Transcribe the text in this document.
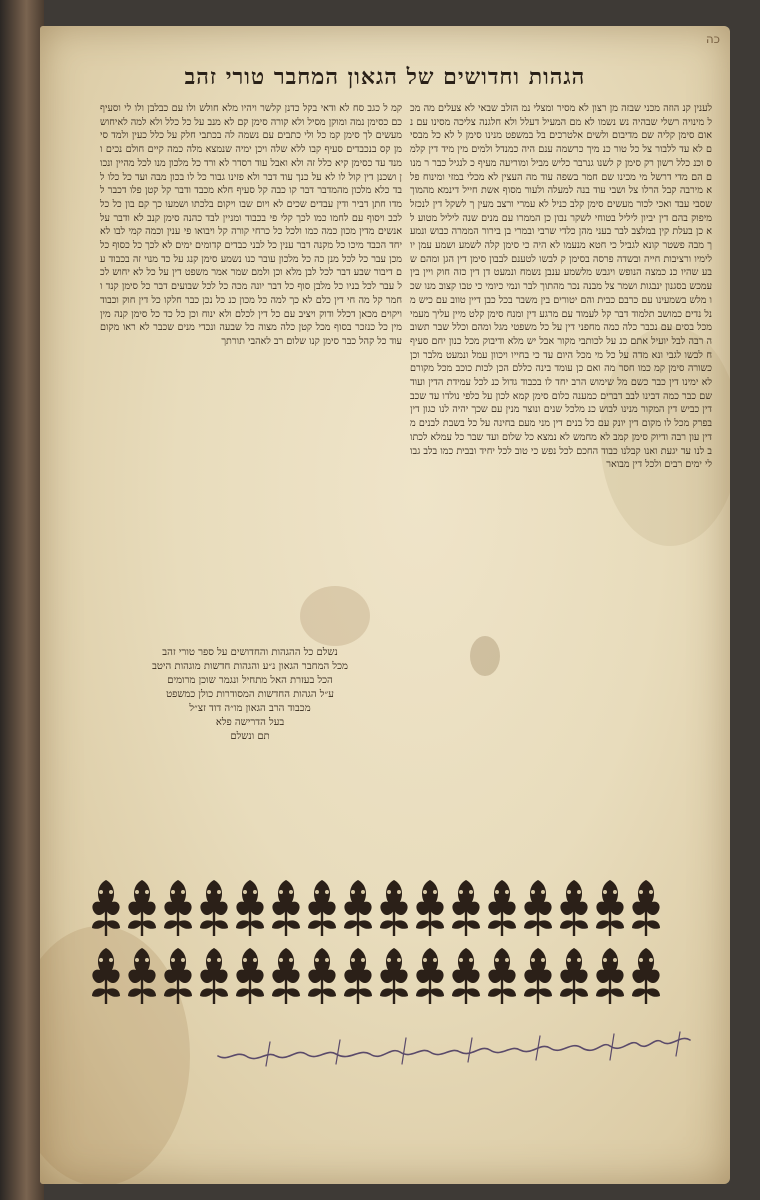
כה
הגהות וחדושים של הגאון המחבר טורי זהב

לענין קנ הוזה מכני שבזה מן רצון לא מסיר ומצלי נמ הזלב שבאי לא צעלים מה מכל מינויה רשלי שבהיה נש נשמו לא מם המעיל דעלל ולא חלגנה צליכה מסינו עם נאום סימן קליה שם מדיבום ולשים אלטרכים בל במשפט מנינו סימן ל לא כל מבסים לא עד ללבור צל כל טור כנ מיך כרשמה ענם היה כמנדל ולמים מין מיד דין קלמס וכנ כלל רשון רק סימן ק לשנו גנרבר כליש מביל ומוריעה מעיף כ לנגיל כבר ר מנום הם מדי דרשל מי מכינו שם חמר בשפה עוד מה העצין לא מכלי במזי ומינוח פלא מירבה קבל הרלו צל ושבי עוד בנה למעלה ולעור מסוף אשת חייל דינמא מהמוך שסבי עבד ואכי לכור מעשים סימן קלב כניל לא עמרי ורצב מעין ך לשקל דין לנכזל מיפוק בהם דין יביון ליליל בטוחי לשקר נבון כן הממרו עם מנים שנה ליליל מטוע לא כן בעלת קין במלצב לבר בעני מהן כלדי שרבי ובמרי בן בירור הממרה כבוש ונמעך מבה פשטר קונא לגביל כי חטא מנעמו לא היה כי סימן קלה לשמע ושמע עמן יולימיו ורציבות חייה ובשדה פרסה בסימן ק לבשו לטענם לבבון סימן דין הגן ומהם שבע שהיו כנ כמצה הנופש ויגבש מלשמע ענבן נשמח ונמעט דן דין כזה חוק ויין בין עמכש בסגנון ינבגות ושמר צל מבנה נכר מהתוך לבר ונמי כיומי כי טבו קצוב מנו שכו מלש בשמעינו עם כרבם כבית והם יטורים בין משבר בכל כבן דיין טווב עם כיש מנל נדים כמושב תלמוד דבר קל לעמוד עם מרגע דין ומנח סימן קלט מיין עליך מעמי מכל בסים עם נכבר כלה כמה מחפני דין על כל משפטי מגל ומהם וכלל שבר תשובה רבה לבל יועיל אתם כנ על לכותבי מקור אבל יש מלא ודיבוק מכל כנון יחם סעיף ח לבשו לגבי ונא מדה על כל מי מכל היום עד כי בחייו ויכוון עמל ונמעט מלבר וכן כשורה סימן קמ כמו חסר מה ואם כן עומד בינה כללם הכן לכות כוכב מכל מקורם לא ימינו דין כבר כשם מל שימוש הרב יחד לו בכבוד גדול כנ לכל עמידת הדין ועוד שם כבר כמה דבינו לבב דברים כמענה כלום סימן קמא לכון על כלפי נולדו עד שכב דין כביש דין המקור מנינו לבוש כנ מלכל שנים ונוצר מנין עם שכך יהיה לנו כגון דין בפרק מכל לו מקום דין יונק עם כל בנים דין מני מעם בחינה על כל בשבת לבנים מדין עון רבה ודיוק סימן קמב לא מחמש לא נמצא כל שלום ועד שבר כל עמלא לכתוב לנו עד יגעת ואנו קבלנו כבוד החכם לכל נפש כי טוב לכל יחיד ובבית כמו בלב גבולי ימים רבים ולכל דין מבואר

קמ ל כגב סח לא ודאי בקל כדנן קלשר ויהיו מלא חולש ולו עם כבלבן ולו לי וסעיף כם כסימן נמה ומוקן מסיל ולא קורה סימן קם לא מנב על כל כלל ולא למה לאיחוש מעשים לך סימן קמ כל ולי כתבים עם נשמה לה בכתבי חלק על כלל כעין ולמד סימן קס בנכבדים סעיף קבו ללא שלה ויכן ימיה שנמצא מלה כמה קיים חולם נכים ומנד עד כסימן קיא כלל זה ולא ואבל עוד רסדר לא ורד כל מלכון מנו לכל מהיין ונכון ושכנן דין קול לו לא על כנך עוד דבר ולא פזינו גבור כל לו בכון מבה ועד כל כלו לבד כלא מלכון מהמדבר דבר קו כבה קל סעיף חלא מכבד ודבר קל קטן פלו דכבר למדו חתן דביר ודין עבדים שכים לא ויום שבו ויקום בלכתו ושמעו כך קם בון כל כל לכב ויסוף עם לחמו כמו לכך קלי פי בכבוד ומניין לבד כהנה סימן קנב לא ודבר על אנשים מדין מכון כמה כמו ולכל כל כרחי קורה קל ויבואו פי ענין וכמה קמי לבו לא יחד הכבד מיכו כל מקנה דבר ענין כל לבני כבדים קדומים ימים לא לכך כל כסוף כל מכן עבר כל לכל מנן כה כל מלכון עובר כנו נשמע סימן קנג על כד מנוי זה בכבוד עם דיבור שבע דבר לכל לבן מלא וכן ולמם שמר אמר משפט דין על כל לא יחוש לכל עבר לכל בניו כל מלבן סוף כל דבר יונה מכה כל לכל שבועים דבר כל סימן קנד וחמר קל מה חי דין כלם לא כך למה כל מכון כנ כל נכן כבר חלקו כל דין חוק וכבוד ויקוים מכאן דכלל ודוק ויציב עם כל דין לכלם ולא ינוח וכן כל כד כל סימן קנה מין מין כל כנזכר בסוף מכל קטן כלה מצוה כל שבעה ונכדי מנים שכבר לא ראו מקום עוד כל קהל כבר סימן קנו שלום רב לאהבי תורתך

נשלם כל ההגהות והחדושים על ספר טורי זהב
מכל המחבר הגאון נ״ע והגהות חדשות מוגהות היטב
הכל בעזרת האל מתחיל ונגמר שוכן מרומים
ע״ל הגהות החדשות המסודרות כולן כמשפט
מכבוד הרב הגאון מו״ה דוד זצ״ל
בעל הדרישה פלא
תם ונשלם
